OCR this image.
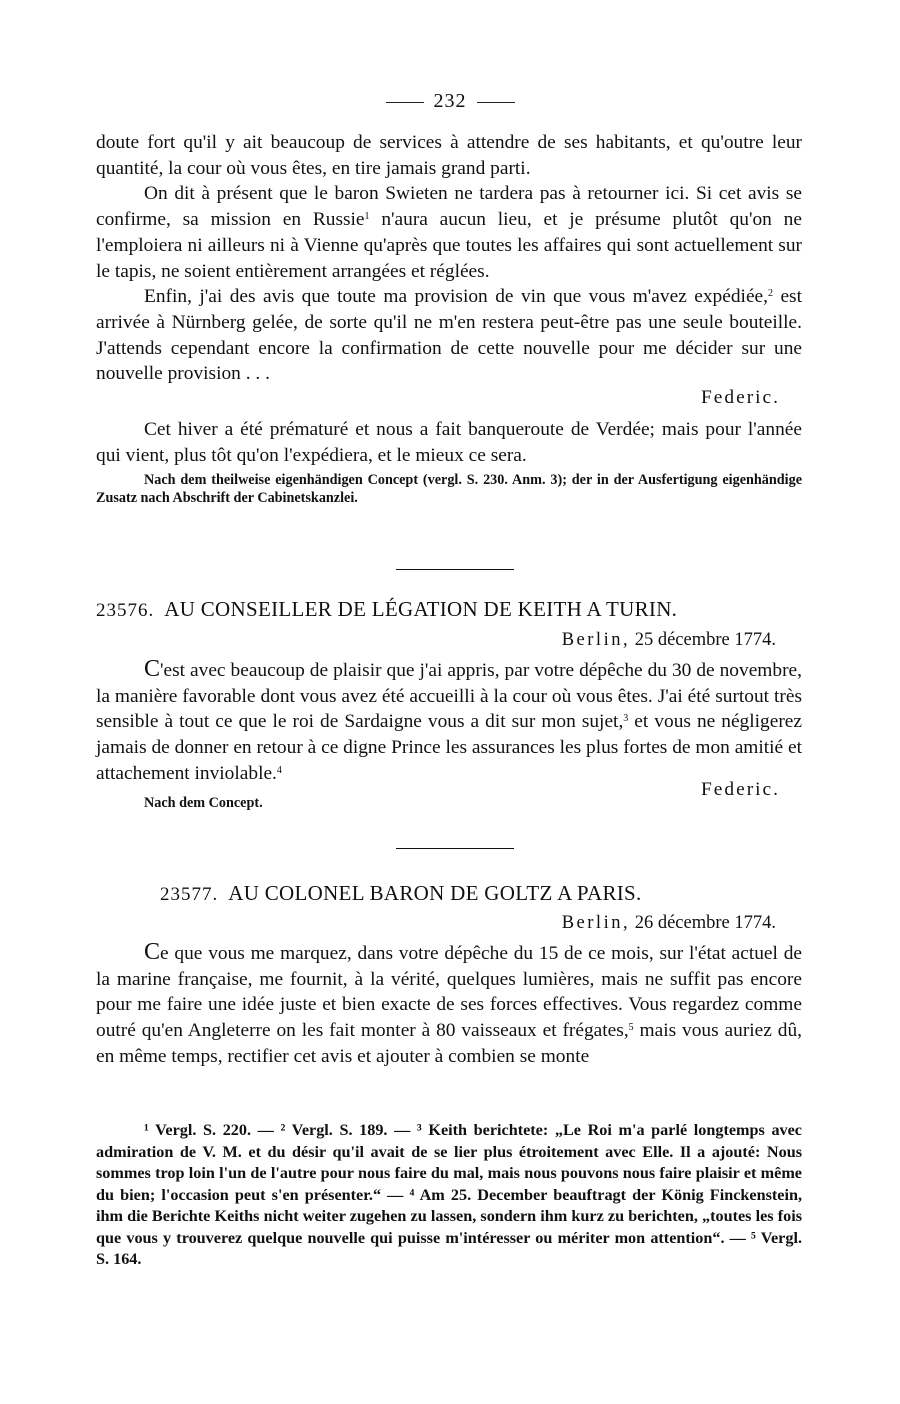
232

doute fort qu'il y ait beaucoup de services à attendre de ses habitants, et qu'outre leur quantité, la cour où vous êtes, en tire jamais grand parti.

On dit à présent que le baron Swieten ne tardera pas à retourner ici. Si cet avis se confirme, sa mission en Russie$^1$ n'aura aucun lieu, et je présume plutôt qu'on ne l'emploiera ni ailleurs ni à Vienne qu'après que toutes les affaires qui sont actuellement sur le tapis, ne soient entièrement arrangées et réglées.

Enfin, j'ai des avis que toute ma provision de vin que vous m'avez expédiée,$^2$ est arrivée à Nürnberg gelée, de sorte qu'il ne m'en restera peut-être pas une seule bouteille. J'attends cependant encore la confirmation de cette nouvelle pour me décider sur une nouvelle provision . . .

Federic.

Cet hiver a été prématuré et nous a fait banqueroute de Verdée; mais pour l'année qui vient, plus tôt qu'on l'expédiera, et le mieux ce sera.

Nach dem theilweise eigenhändigen Concept (vergl. S. 230. Anm. 3); der in der Ausfertigung eigenhändige Zusatz nach Abschrift der Cabinetskanzlei.

23576. AU CONSEILLER DE LÉGATION DE KEITH A TURIN.
Berlin, 25 décembre 1774.

C'est avec beaucoup de plaisir que j'ai appris, par votre dépêche du 30 de novembre, la manière favorable dont vous avez été accueilli à la cour où vous êtes. J'ai été surtout très sensible à tout ce que le roi de Sardaigne vous a dit sur mon sujet,$^3$ et vous ne négligerez jamais de donner en retour à ce digne Prince les assurances les plus fortes de mon amitié et attachement inviolable.$^4$

Federic.

Nach dem Concept.

23577. AU COLONEL BARON DE GOLTZ A PARIS.
Berlin, 26 décembre 1774.

Ce que vous me marquez, dans votre dépêche du 15 de ce mois, sur l'état actuel de la marine française, me fournit, à la vérité, quelques lumières, mais ne suffit pas encore pour me faire une idée juste et bien exacte de ses forces effectives. Vous regardez comme outré qu'en Angleterre on les fait monter à 80 vaisseaux et frégates,$^5$ mais vous auriez dû, en même temps, rectifier cet avis et ajouter à combien se monte

¹ Vergl. S. 220. — ² Vergl. S. 189. — ³ Keith berichtete: „Le Roi m'a parlé longtemps avec admiration de V. M. et du désir qu'il avait de se lier plus étroitement avec Elle. Il a ajouté: Nous sommes trop loin l'un de l'autre pour nous faire du mal, mais nous pouvons nous faire plaisir et même du bien; l'occasion peut s'en présenter.“ — ⁴ Am 25. December beauftragt der König Finckenstein, ihm die Berichte Keiths nicht weiter zugehen zu lassen, sondern ihm kurz zu berichten, „toutes les fois que vous y trouverez quelque nouvelle qui puisse m'intéresser ou mériter mon attention“. — ⁵ Vergl. S. 164.
